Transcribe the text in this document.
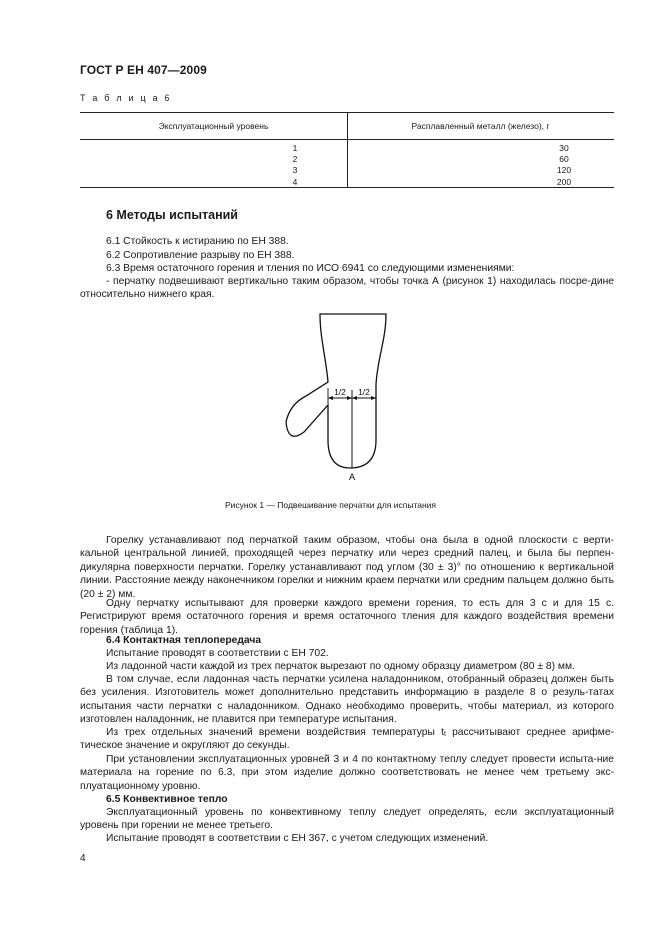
ГОСТ Р ЕН 407—2009
Т а б л и ц а 6
Эксплуатационный уровень	Расплавленный металл (железо), г
1
2
3
4
30
60
120
200
6 Методы испытаний
6.1 Стойкость к истиранию по ЕН 388.
6.2 Сопротивление разрыву по ЕН 388.
6.3 Время остаточного горения и тления по ИСО 6941 со следующими изменениями:
- перчатку подвешивают вертикально таким образом, чтобы точка А (рисунок 1) находилась посре-дине относительно нижнего края.
1/2 1/2
A
Рисунок 1 — Подвешивание перчатки для испытания
Горелку устанавливают под перчаткой таким образом, чтобы она была в одной плоскости с верти-кальной центральной линией, проходящей через перчатку или через средний палец, и была бы перпен-дикулярна поверхности перчатки. Горелку устанавливают под углом (30 ± 3)° по отношению к вертикальной линии. Расстояние между наконечником горелки и нижним краем перчатки или средним пальцем должно быть (20 ± 2) мм.
Одну перчатку испытывают для проверки каждого времени горения, то есть для 3 с и для 15 с. Регистрируют время остаточного горения и время остаточного тления для каждого воздействия времени горения (таблица 1).
6.4 Контактная теплопередача
Испытание проводят в соответствии с ЕН 702.
Из ладонной части каждой из трех перчаток вырезают по одному образцу диаметром (80 ± 8) мм.
В том случае, если ладонная часть перчатки усилена наладонником, отобранный образец должен быть без усиления. Изготовитель может дополнительно представить информацию в разделе 8 о резуль-татах испытания части перчатки с наладонником. Однако необходимо проверить, чтобы материал, из которого изготовлен наладонник, не плавится при температуре испытания.
Из трех отдельных значений времени воздействия температуры $t_t$ рассчитывают среднее арифме-тическое значение и округляют до секунды.
При установлении эксплуатационных уровней 3 и 4 по контактному теплу следует провести испыта-ние материала на горение по 6.3, при этом изделие должно соответствовать не менее чем третьему экс-плуатационному уровню.
6.5 Конвективное тепло
Эксплуатационный уровень по конвективному теплу следует определять, если эксплуатационный уровень при горении не менее третьего.
Испытание проводят в соответствии с ЕН 367, с учетом следующих изменений.
4
